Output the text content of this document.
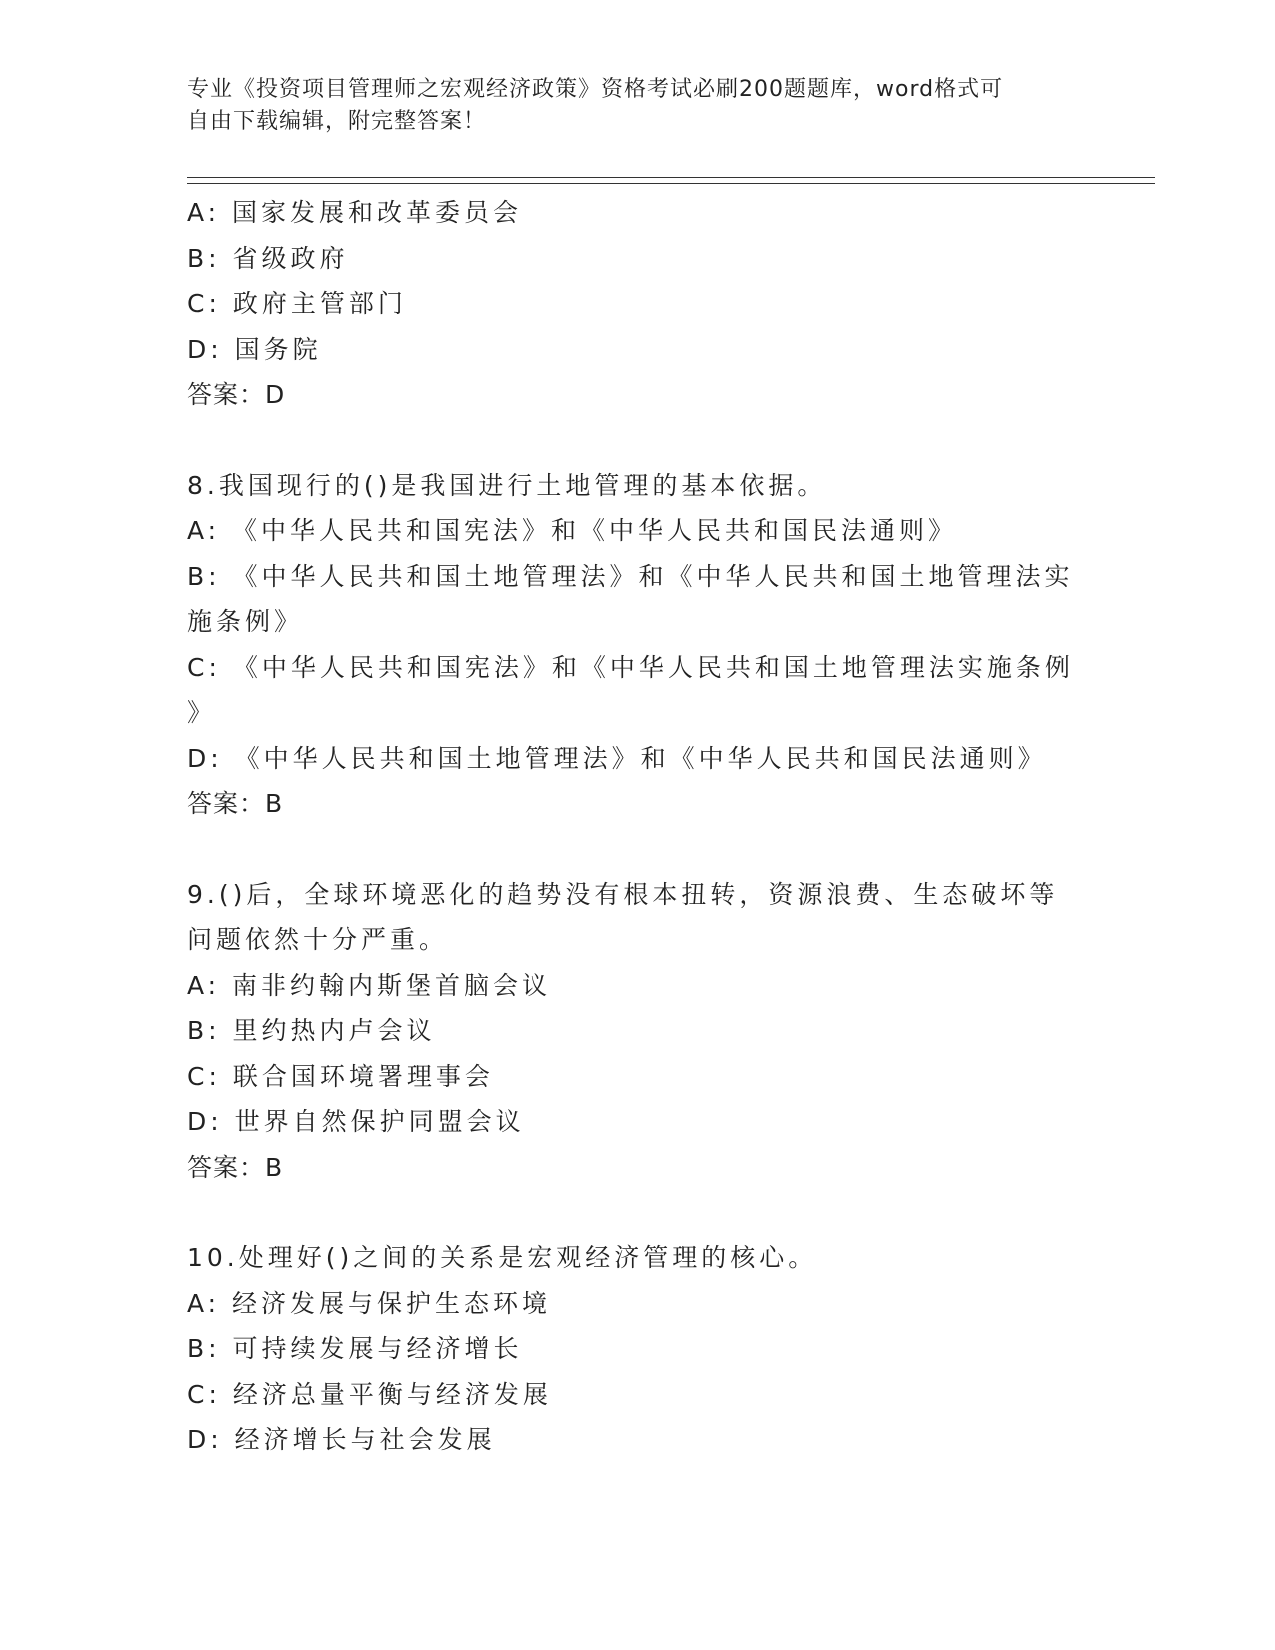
专业《投资项目管理师之宏观经济政策》资格考试必刷200题题库，word格式可
自由下载编辑，附完整答案！
A: 国家发展和改革委员会
B: 省级政府
C: 政府主管部门
D: 国务院
答案：D
8.我国现行的()是我国进行土地管理的基本依据。
A: 《中华人民共和国宪法》和《中华人民共和国民法通则》
B: 《中华人民共和国土地管理法》和《中华人民共和国土地管理法实
施条例》
C: 《中华人民共和国宪法》和《中华人民共和国土地管理法实施条例
》
D: 《中华人民共和国土地管理法》和《中华人民共和国民法通则》
答案：B
9.()后，全球环境恶化的趋势没有根本扭转，资源浪费、生态破坏等
问题依然十分严重。
A: 南非约翰内斯堡首脑会议
B: 里约热内卢会议
C: 联合国环境署理事会
D: 世界自然保护同盟会议
答案：B
10.处理好()之间的关系是宏观经济管理的核心。
A: 经济发展与保护生态环境
B: 可持续发展与经济增长
C: 经济总量平衡与经济发展
D: 经济增长与社会发展
